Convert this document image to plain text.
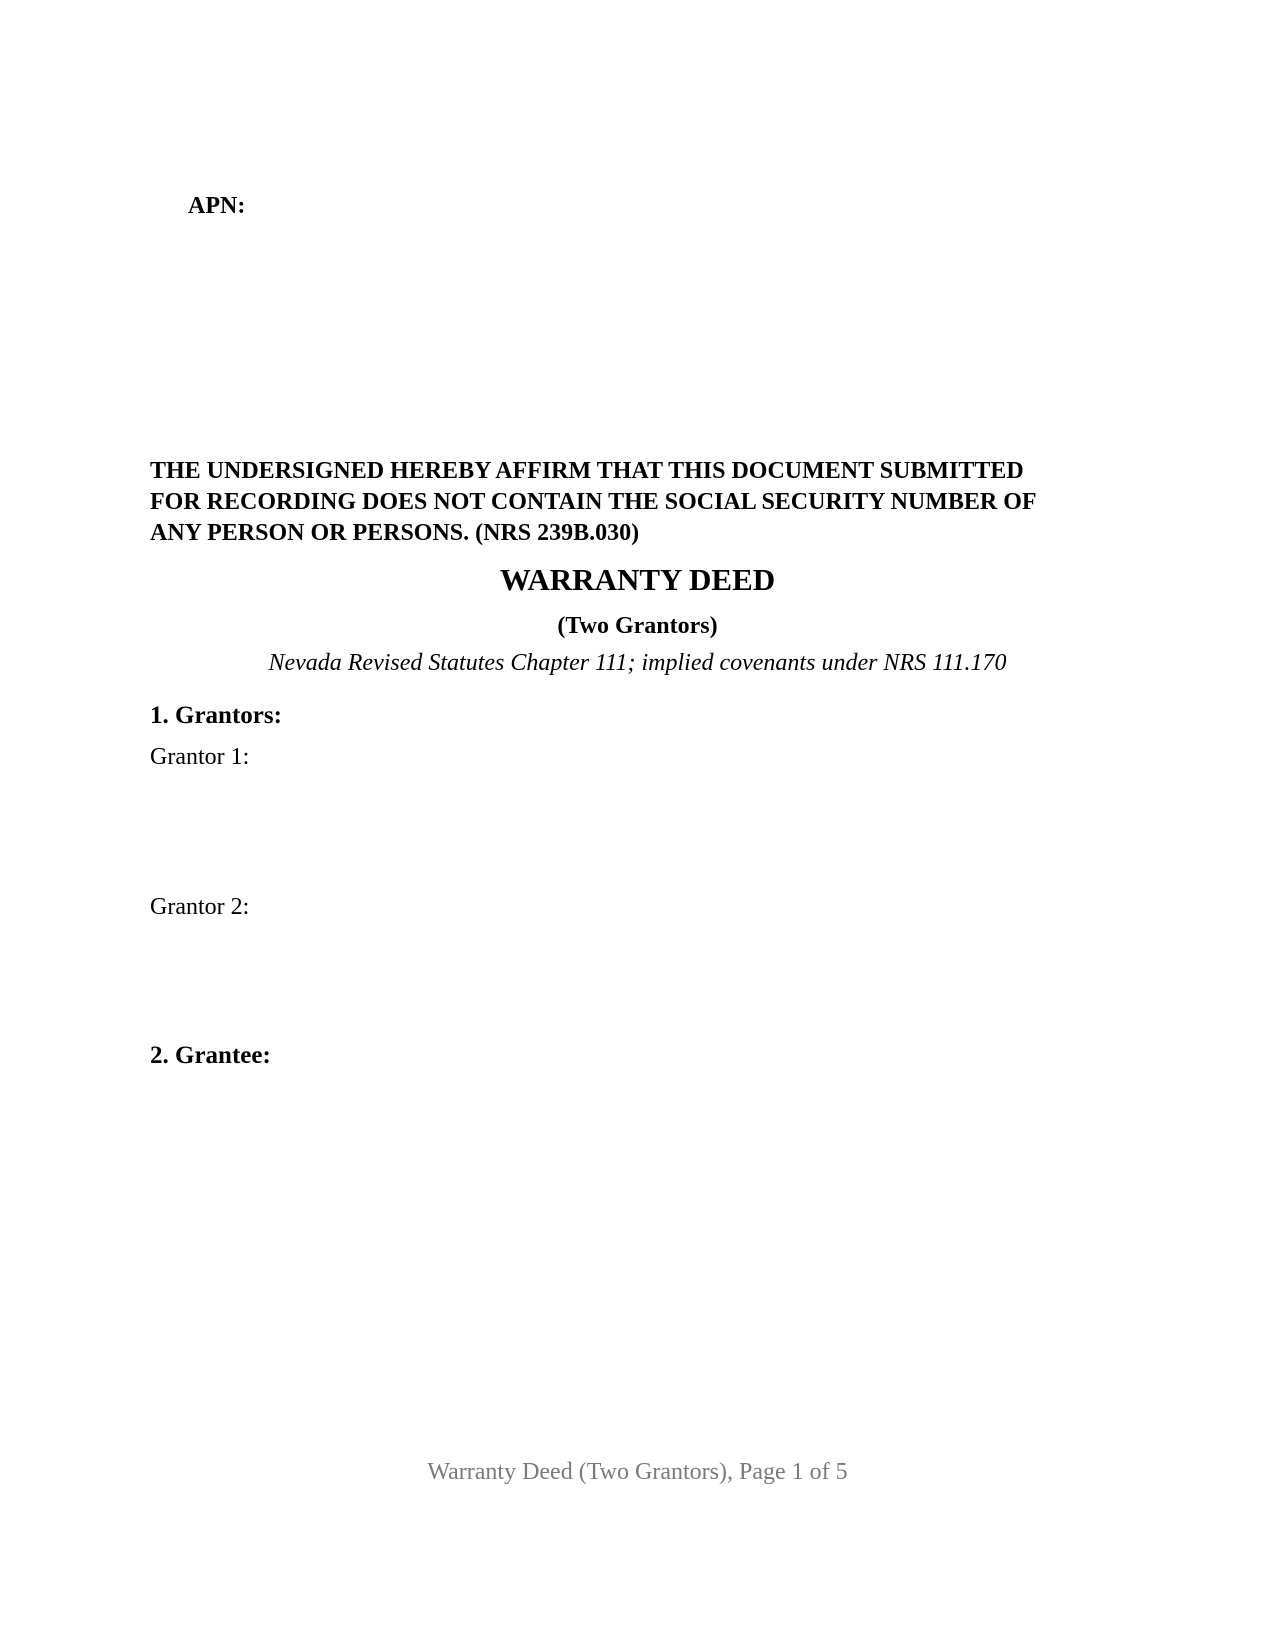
APN:

THE UNDERSIGNED HEREBY AFFIRM THAT THIS DOCUMENT SUBMITTED
FOR RECORDING DOES NOT CONTAIN THE SOCIAL SECURITY NUMBER OF
ANY PERSON OR PERSONS. (NRS 239B.030)
WARRANTY DEED
(Two Grantors)

Nevada Revised Statutes Chapter 111; implied covenants under NRS 111.170

1. Grantors:

Grantor 1:

Grantor 2:

2. Grantee:

Warranty Deed (Two Grantors), Page 1 of 5
